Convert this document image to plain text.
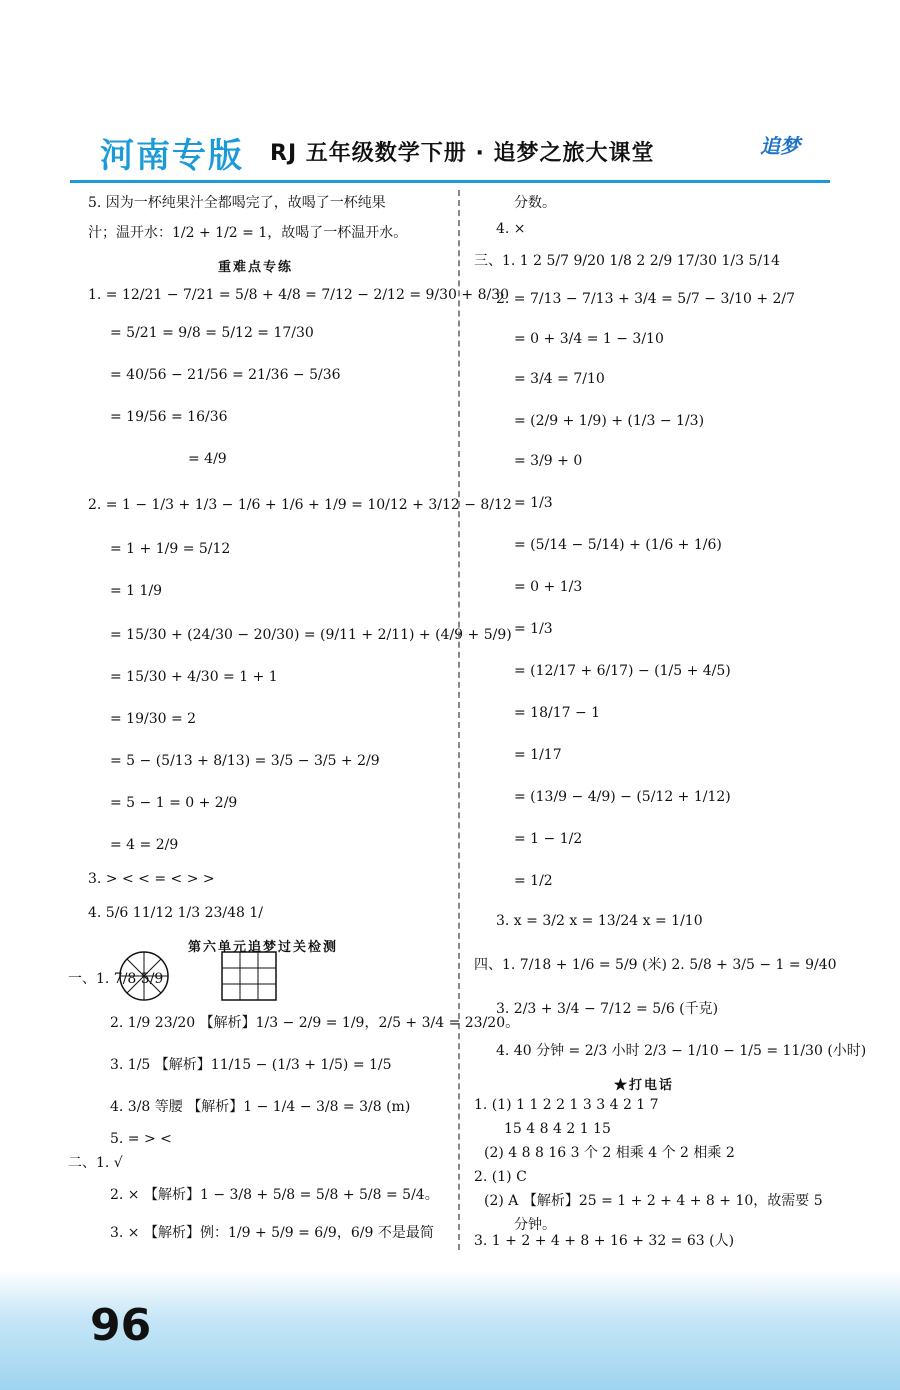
河南专版 RJ 五年级数学下册 · 追梦之旅大课堂	追梦
5. 因为一杯纯果汁全都喝完了，故喝了一杯纯果
汁；温开水：1/2 + 1/2 = 1，故喝了一杯温开水。
重难点专练
1. = 12/21 − 7/21 = 5/8 + 4/8 = 7/12 − 2/12 = 9/30 + 8/30
= 5/21 = 9/8 = 5/12 = 17/30
= 40/56 − 21/56 = 21/36 − 5/36
= 19/56 = 16/36
= 4/9
2. = 1 − 1/3 + 1/3 − 1/6 + 1/6 + 1/9 = 10/12 + 3/12 − 8/12
= 1 + 1/9 = 5/12
= 1 1/9
= 15/30 + (24/30 − 20/30) = (9/11 + 2/11) + (4/9 + 5/9)
= 15/30 + 4/30 = 1 + 1
= 19/30 = 2
= 5 − (5/13 + 8/13) = 3/5 − 3/5 + 2/9
= 5 − 1 = 0 + 2/9
= 4 = 2/9
3. > < < = < > >
4. 5/6 11/12 1/3 23/48 1/
第六单元追梦过关检测
一、1. 7/8 5/9
2. 1/9 23/20 【解析】1/3 − 2/9 = 1/9，2/5 + 3/4 = 23/20。
3. 1/5 【解析】11/15 − (1/3 + 1/5) = 1/5
4. 3/8 等腰 【解析】1 − 1/4 − 3/8 = 3/8 (m)
5. = > <
二、1. √
2. × 【解析】1 − 3/8 + 5/8 = 5/8 + 5/8 = 5/4。
3. × 【解析】例：1/9 + 5/9 = 6/9，6/9 不是最简
分数。
4. ×
三、1. 1 2 5/7 9/20 1/8 2 2/9 17/30 1/3 5/14
2. = 7/13 − 7/13 + 3/4 = 5/7 − 3/10 + 2/7
= 0 + 3/4 = 1 − 3/10
= 3/4 = 7/10
= (2/9 + 1/9) + (1/3 − 1/3)
= 3/9 + 0
= 1/3
= (5/14 − 5/14) + (1/6 + 1/6)
= 0 + 1/3
= 1/3
= (12/17 + 6/17) − (1/5 + 4/5)
= 18/17 − 1
= 1/17
= (13/9 − 4/9) − (5/12 + 1/12)
= 1 − 1/2
= 1/2
3. x = 3/2 x = 13/24 x = 1/10
四、1. 7/18 + 1/6 = 5/9 (米) 2. 5/8 + 3/5 − 1 = 9/40
3. 2/3 + 3/4 − 7/12 = 5/6 (千克)
4. 40 分钟 = 2/3 小时 2/3 − 1/10 − 1/5 = 11/30 (小时)
★打电话
1. (1) 1 1 2 2 1 3 3 4 2 1 7
15 4 8 4 2 1 15
(2) 4 8 8 16 3 个 2 相乘 4 个 2 相乘 2
2. (1) C
(2) A 【解析】25 = 1 + 2 + 4 + 8 + 10，故需要 5
分钟。
3. 1 + 2 + 4 + 8 + 16 + 32 = 63 (人)
96
